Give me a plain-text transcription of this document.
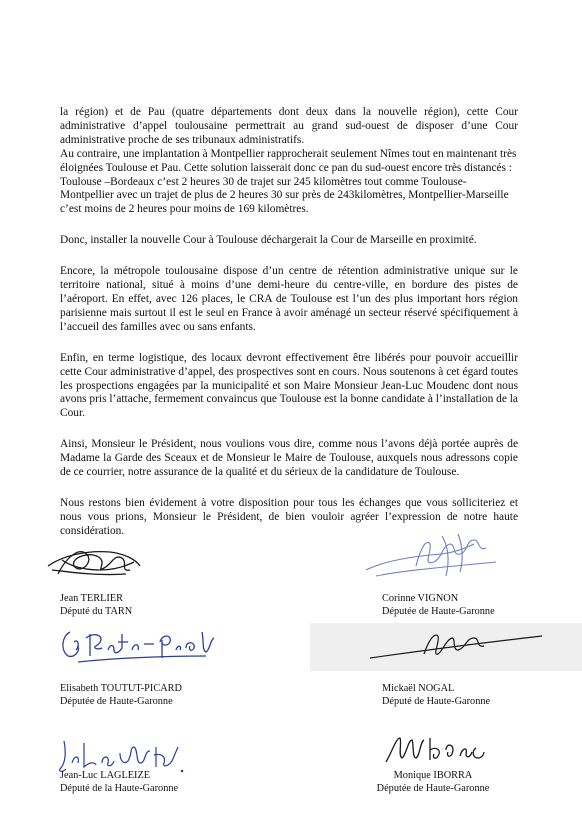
la région) et de Pau (quatre départements dont deux dans la nouvelle région), cette Cour administrative d’appel toulousaine permettrait au grand sud-ouest de disposer d’une Cour administrative proche de ses tribunaux administratifs.

Au contraire, une implantation à Montpellier rapprocherait seulement Nîmes tout en maintenant très éloignées Toulouse et Pau. Cette solution laisserait donc ce pan du sud-ouest encore très distancés : Toulouse –Bordeaux c’est 2 heures 30 de trajet sur 245 kilomètres tout comme Toulouse-Montpellier avec un trajet de plus de 2 heures 30 sur près de 243kilomètres, Montpellier-Marseille c’est moins de 2 heures pour moins de 169 kilomètres.

Donc, installer la nouvelle Cour à Toulouse déchargerait la Cour de Marseille en proximité.

Encore, la métropole toulousaine dispose d’un centre de rétention administrative unique sur le territoire national, situé à moins d’une demi-heure du centre-ville, en bordure des pistes de l’aéroport. En effet, avec 126 places, le CRA de Toulouse est l’un des plus important hors région parisienne mais surtout il est le seul en France à avoir aménagé un secteur réservé spécifiquement à l’accueil des familles avec ou sans enfants.

Enfin, en terme logistique, des locaux devront effectivement être libérés pour pouvoir accueillir cette Cour administrative d’appel, des prospectives sont en cours. Nous soutenons à cet égard toutes les prospections engagées par la municipalité et son Maire Monsieur Jean-Luc Moudenc dont nous avons pris l’attache, fermement convaincus que Toulouse est la bonne candidate à l’installation de la Cour.

Ainsi, Monsieur le Président, nous voulions vous dire, comme nous l’avons déjà portée auprès de Madame la Garde des Sceaux et de Monsieur le Maire de Toulouse, auxquels nous adressons copie de ce courrier, notre assurance de la qualité et du sérieux de la candidature de Toulouse.

Nous restons bien évidement à votre disposition pour tous les échanges que vous solliciteriez et nous vous prions, Monsieur le Président, de bien vouloir agréer l’expression de notre haute considération.

Jean TERLIER
Député du TARN
Corinne VIGNON
Députée de Haute-Garonne
Elisabeth TOUTUT-PICARD
Députée de Haute-Garonne
Mickaël NOGAL
Député de Haute-Garonne
Jean-Luc LAGLEIZE
Député de la Haute-Garonne
Monique IBORRA
Députée de Haute-Garonne
